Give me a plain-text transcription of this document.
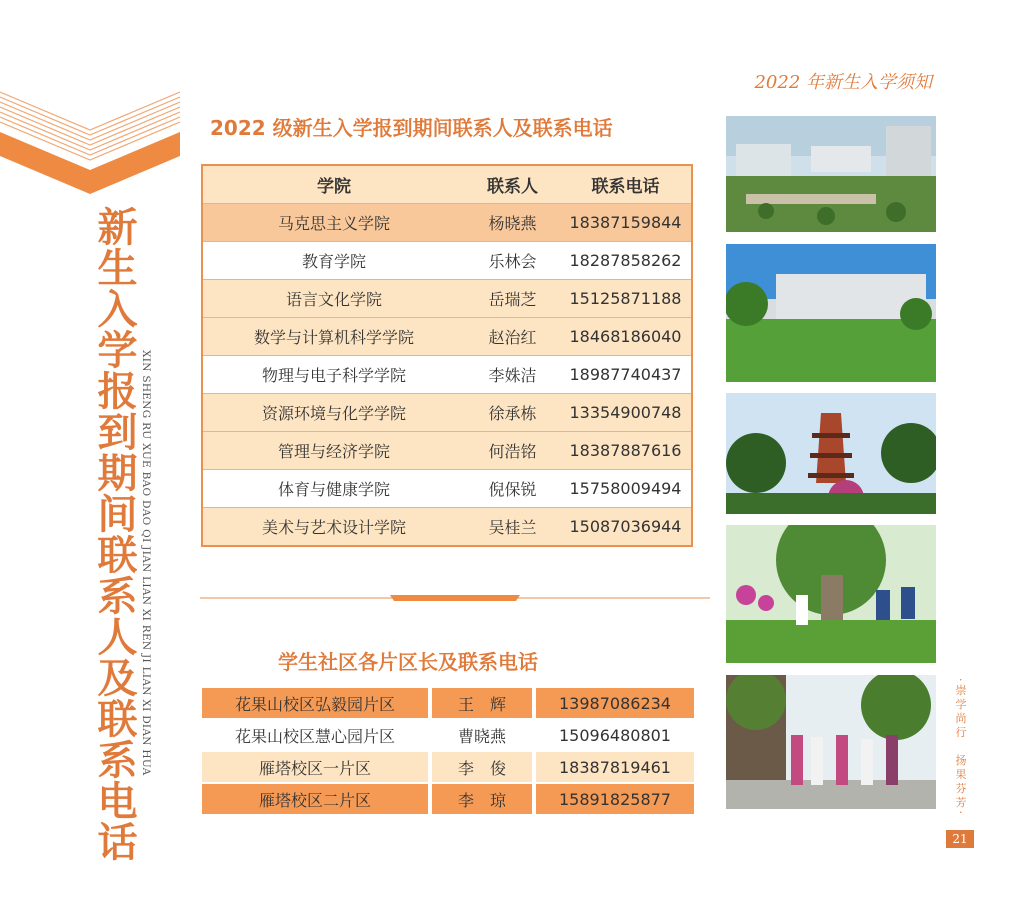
2022 年新生入学须知
新生入学报到期间联系人及联系电话 XIN SHENG RU XUE BAO DAO QI JIAN LIAN XI REN JI LIAN XI DIAN HUA
2022 级新生入学报到期间联系人及联系电话
学院	联系人	联系电话
马克思主义学院	杨晓燕	18387159844
教育学院	乐林会	18287858262
语言文化学院	岳瑞芝	15125871188
数学与计算机科学学院	赵治红	18468186040
物理与电子科学学院	李姝洁	18987740437
资源环境与化学学院	徐承栋	13354900748
管理与经济学院	何浩铭	18387887616
体育与健康学院	倪保锐	15758009494
美术与艺术设计学院	吴桂兰	15087036944
学生社区各片区长及联系电话
花果山校区弘毅园片区	王　辉	13987086234
花果山校区慧心园片区	曹晓燕	15096480801
雁塔校区一片区	李　俊	18387819461
雁塔校区二片区	李　琼	15891825877	·崇学尚行　扬果芬芳·
21
